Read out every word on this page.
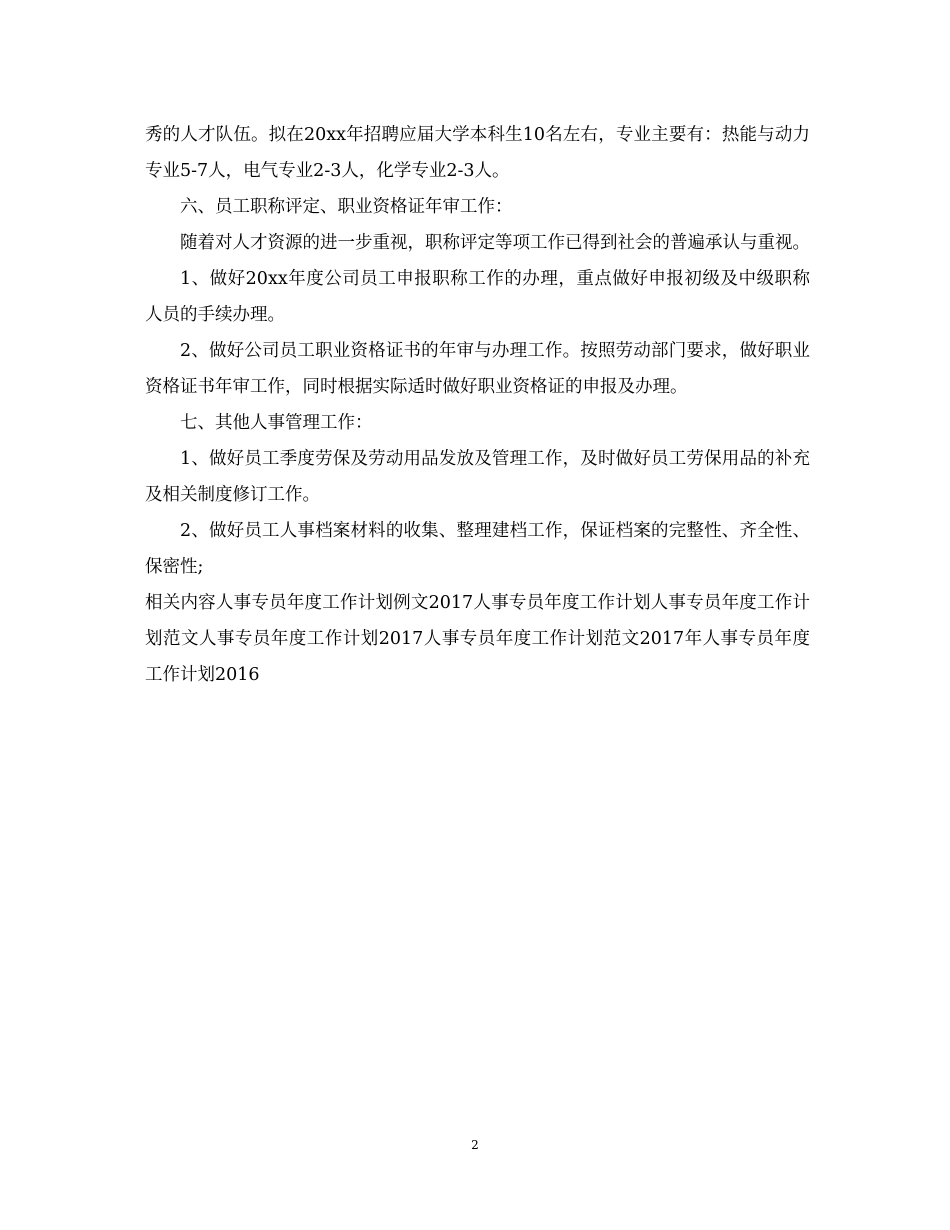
秀的人才队伍。拟在20xx年招聘应届大学本科生10名左右，专业主要有：热能与动力专业5-7人，电气专业2-3人，化学专业2-3人。

六、员工职称评定、职业资格证年审工作：

随着对人才资源的进一步重视，职称评定等项工作已得到社会的普遍承认与重视。

1、做好20xx年度公司员工申报职称工作的办理，重点做好申报初级及中级职称人员的手续办理。

2、做好公司员工职业资格证书的年审与办理工作。按照劳动部门要求，做好职业资格证书年审工作，同时根据实际适时做好职业资格证的申报及办理。

七、其他人事管理工作：

1、做好员工季度劳保及劳动用品发放及管理工作，及时做好员工劳保用品的补充及相关制度修订工作。

2、做好员工人事档案材料的收集、整理建档工作，保证档案的完整性、齐全性、保密性;

相关内容人事专员年度工作计划例文2017人事专员年度工作计划人事专员年度工作计划范文人事专员年度工作计划2017人事专员年度工作计划范文2017年人事专员年度工作计划2016

2
